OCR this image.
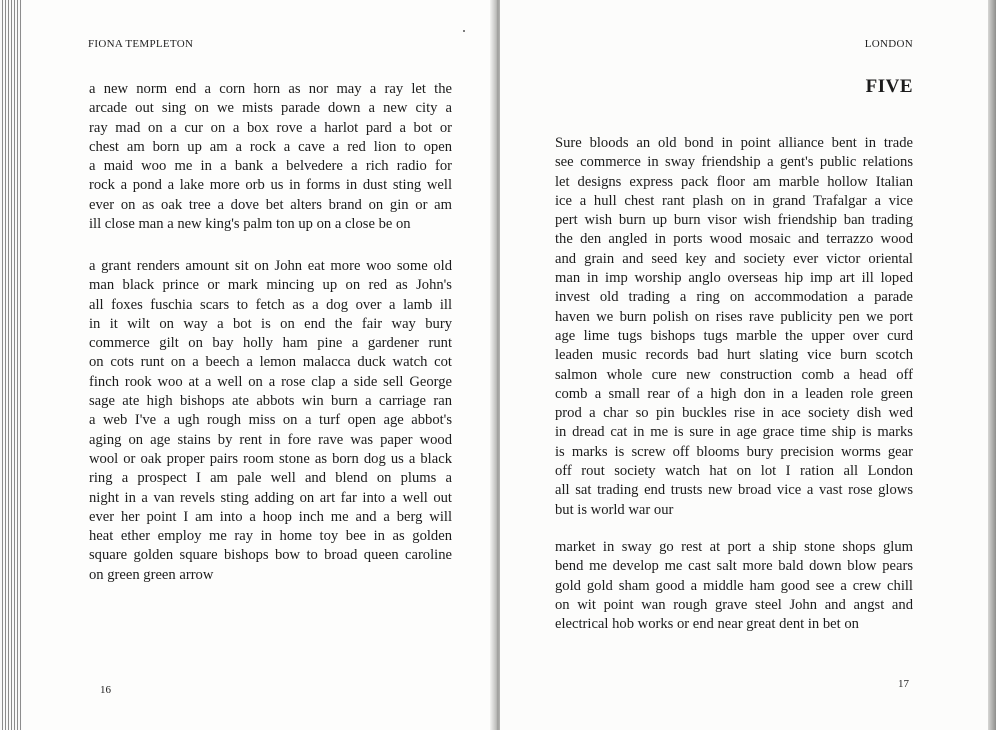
FIONA TEMPLETON
a new norm end a corn horn as nor may a ray let the
arcade out sing on we mists parade down a new city a
ray mad on a cur on a box rove a harlot pard a bot or
chest am born up am a rock a cave a red lion to open
a maid woo me in a bank a belvedere a rich radio for
rock a pond a lake more orb us in forms in dust sting well
ever on as oak tree a dove bet alters brand on gin or am
ill close man a new king's palm ton up on a close be on
a grant renders amount sit on John eat more woo some old
man black prince or mark mincing up on red as John's
all foxes fuschia scars to fetch as a dog over a lamb ill
in it wilt on way a bot is on end the fair way bury
commerce gilt on bay holly ham pine a gardener runt
on cots runt on a beech a lemon malacca duck watch cot
finch rook woo at a well on a rose clap a side sell George
sage ate high bishops ate abbots win burn a carriage ran
a web I've a ugh rough miss on a turf open age abbot's
aging on age stains by rent in fore rave was paper wood
wool or oak proper pairs room stone as born dog us a black
ring a prospect I am pale well and blend on plums a
night in a van revels sting adding on art far into a well out
ever her point I am into a hoop inch me and a berg will
heat ether employ me ray in home toy bee in as golden
square golden square bishops bow to broad queen caroline
on green green arrow
16
LONDON
FIVE
Sure bloods an old bond in point alliance bent in trade
see commerce in sway friendship a gent's public relations
let designs express pack floor am marble hollow Italian
ice a hull chest rant plash on in grand Trafalgar a vice
pert wish burn up burn visor wish friendship ban trading
the den angled in ports wood mosaic and terrazzo wood
and grain and seed key and society ever victor oriental
man in imp worship anglo overseas hip imp art ill loped
invest old trading a ring on accommodation a parade
haven we burn polish on rises rave publicity pen we port
age lime tugs bishops tugs marble the upper over curd
leaden music records bad hurt slating vice burn scotch
salmon whole cure new construction comb a head off
comb a small rear of a high don in a leaden role green
prod a char so pin buckles rise in ace society dish wed
in dread cat in me is sure in age grace time ship is marks
is marks is screw off blooms bury precision worms gear
off rout society watch hat on lot I ration all London
all sat trading end trusts new broad vice a vast rose glows
but is world war our
market in sway go rest at port a ship stone shops glum
bend me develop me cast salt more bald down blow pears
gold gold sham good a middle ham good see a crew chill
on wit point wan rough grave steel John and angst and
electrical hob works or end near great dent in bet on
17
